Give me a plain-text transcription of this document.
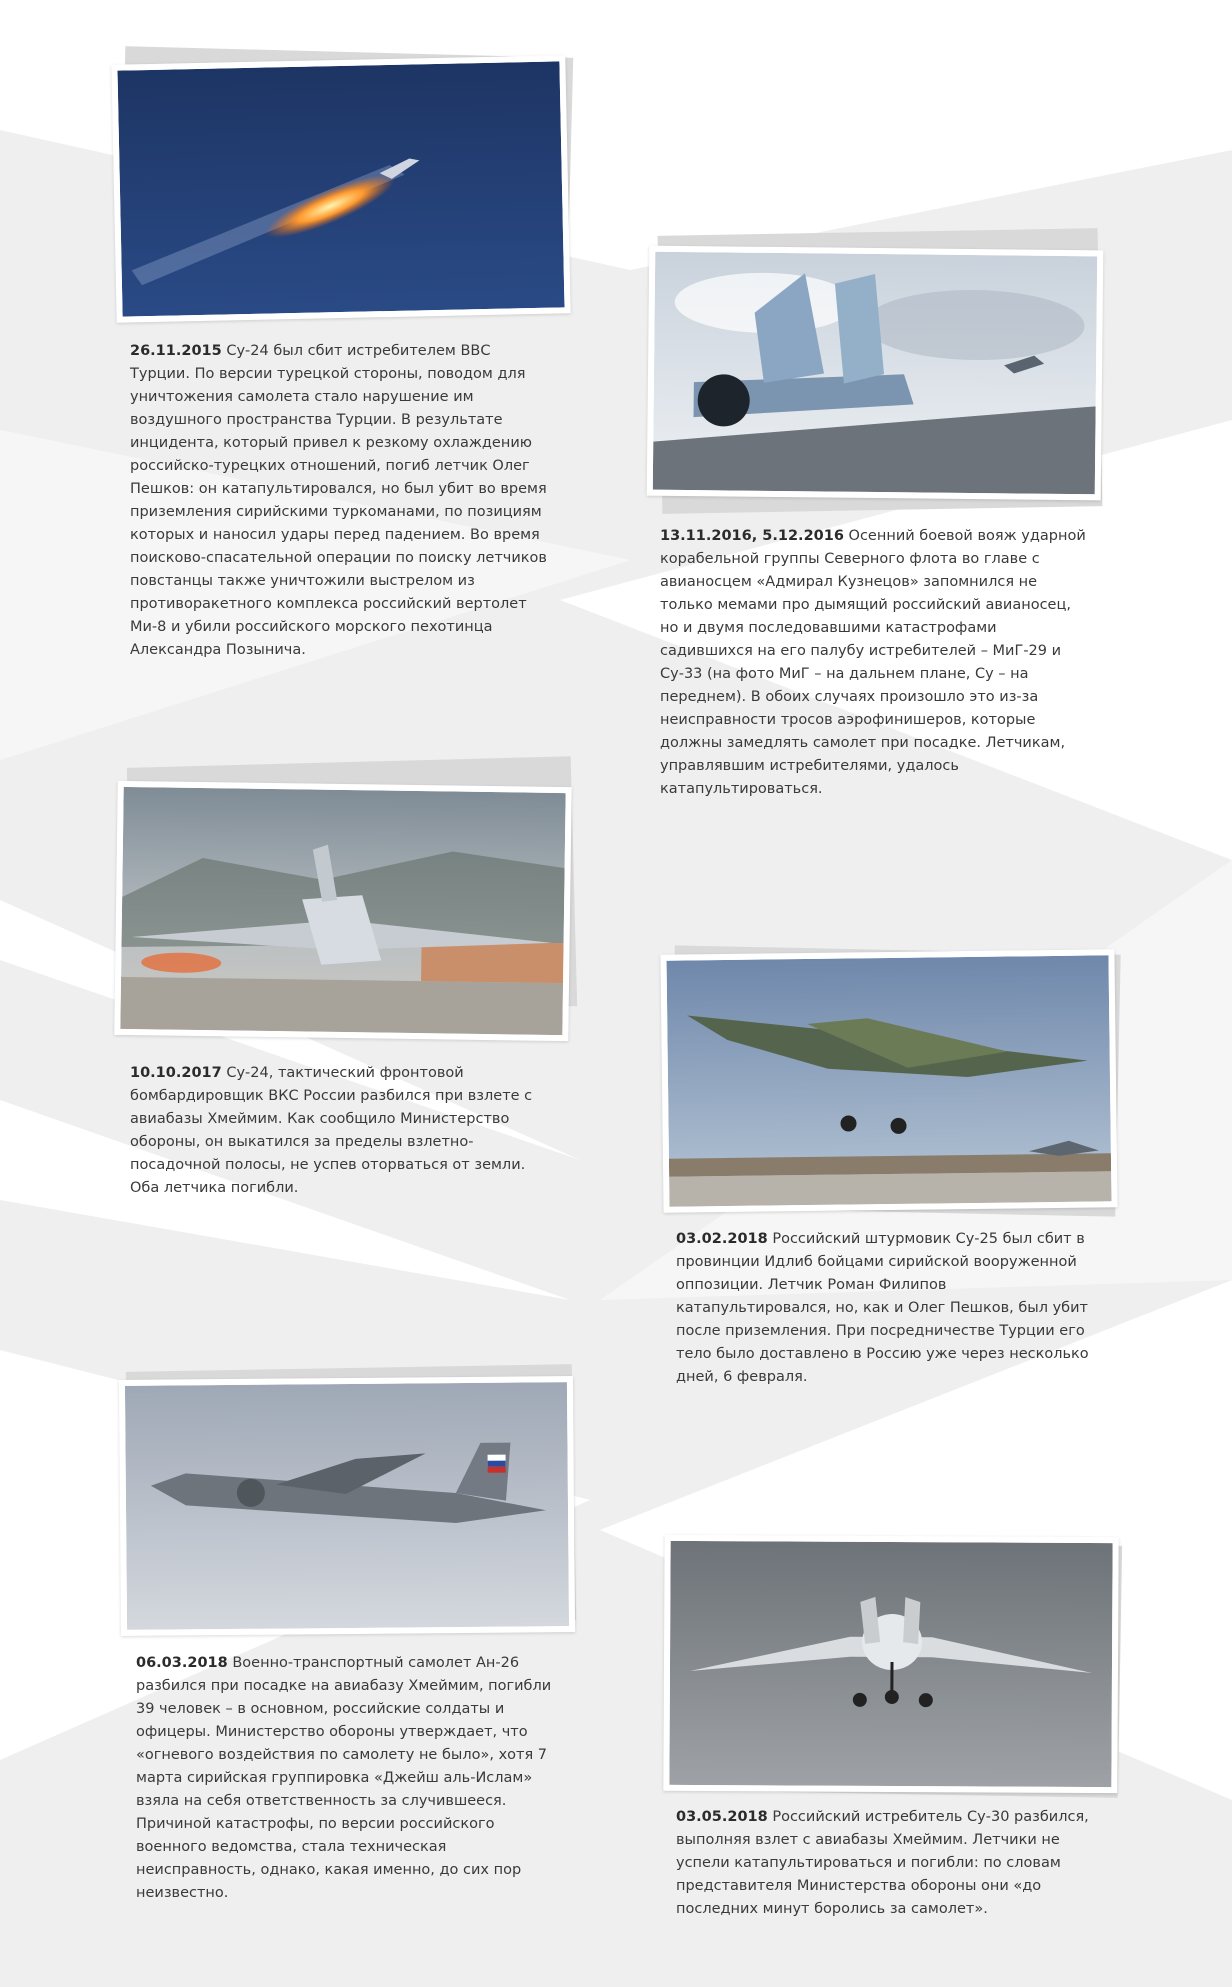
26.11.2015 Су-24 был сбит истребителем ВВС Турции. По версии турецкой стороны, поводом для уничтожения самолета стало нарушение им воздушного пространства Турции. В результате инцидента, который привел к резкому охлаждению российско-турецких отношений, погиб летчик Олег Пешков: он катапультировался, но был убит во время приземления сирийскими туркоманами, по позициям которых и наносил удары перед падением. Во время поисково-спасательной операции по поиску летчиков повстанцы также уничтожили выстрелом из противоракетного комплекса российский вертолет Ми-8 и убили российского морского пехотинца Александра Позынича.
13.11.2016, 5.12.2016 Осенний боевой вояж ударной корабельной группы Северного флота во главе с авианосцем «Адмирал Кузнецов» запомнился не только мемами про дымящий российский авианосец, но и двумя последовавшими катастрофами садившихся на его палубу истребителей – МиГ-29 и Су-33 (на фото МиГ – на дальнем плане, Су – на переднем). В обоих случаях произошло это из-за неисправности тросов аэрофинишеров, которые должны замедлять самолет при посадке. Летчикам, управлявшим истребителями, удалось катапультироваться.
10.10.2017 Су-24, тактический фронтовой бомбардировщик ВКС России разбился при взлете с авиабазы Хмеймим. Как сообщило Министерство обороны, он выкатился за пределы взлетно-посадочной полосы, не успев оторваться от земли. Оба летчика погибли.
03.02.2018 Российский штурмовик Су-25 был сбит в провинции Идлиб бойцами сирийской вооруженной оппозиции. Летчик Роман Филипов катапультировался, но, как и Олег Пешков, был убит после приземления. При посредничестве Турции его тело было доставлено в Россию уже через несколько дней, 6 февраля.
06.03.2018 Военно-транспортный самолет Ан-26 разбился при посадке на авиабазу Хмеймим, погибли 39 человек – в основном, российские солдаты и офицеры. Министерство обороны утверждает, что «огневого воздействия по самолету не было», хотя 7 марта сирийская группировка «Джейш аль-Ислам» взяла на себя ответственность за случившееся. Причиной катастрофы, по версии российского военного ведомства, стала техническая неисправность, однако, какая именно, до сих пор неизвестно.
03.05.2018 Российский истребитель Су-30 разбился, выполняя взлет с авиабазы Хмеймим. Летчики не успели катапультироваться и погибли: по словам представителя Министерства обороны они «до последних минут боролись за самолет».
